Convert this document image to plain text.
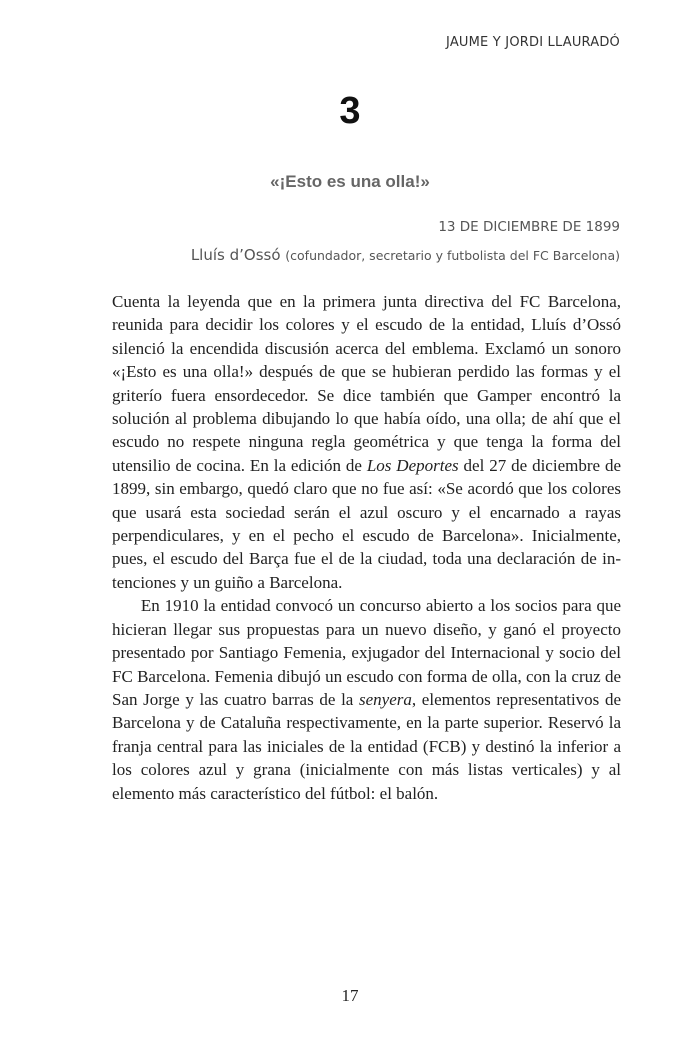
JAUME Y JORDI LLAURADÓ
3
«¡Esto es una olla!»
13 DE DICIEMBRE DE 1899
Lluís d’Ossó (cofundador, secretario y futbolista del FC Barcelona)

Cuenta la leyenda que en la primera junta directiva del FC Barcelona, reunida para decidir los colores y el escudo de la entidad, Lluís d’Ossó silenció la encendida discusión acerca del emblema. Exclamó un sonoro «¡Esto es una olla!» después de que se hubieran perdido las formas y el griterío fuera ensordecedor. Se dice también que Gamper encontró la solución al problema dibujando lo que había oído, una olla; de ahí que el escudo no respete ninguna regla geométrica y que tenga la forma del utensilio de cocina. En la edición de Los Deportes del 27 de diciembre de 1899, sin embargo, quedó claro que no fue así: «Se acordó que los colores que usará esta sociedad serán el azul oscuro y el encarnado a rayas perpendiculares, y en el pecho el escudo de Barcelona». Inicialmente, pues, el escudo del Barça fue el de la ciudad, toda una declaración de intenciones y un guiño a Barcelona.

En 1910 la entidad convocó un concurso abierto a los socios para que hicieran llegar sus propuestas para un nuevo diseño, y ganó el proyecto presentado por Santiago Femenia, exjugador del Internacional y socio del FC Barcelona. Femenia dibujó un escudo con forma de olla, con la cruz de San Jorge y las cuatro barras de la senyera, elementos representativos de Barcelona y de Cataluña respectivamente, en la parte superior. Reservó la franja central para las iniciales de la entidad (FCB) y destinó la inferior a los colores azul y grana (inicialmente con más listas verticales) y al elemento más característico del fútbol: el balón.

17
